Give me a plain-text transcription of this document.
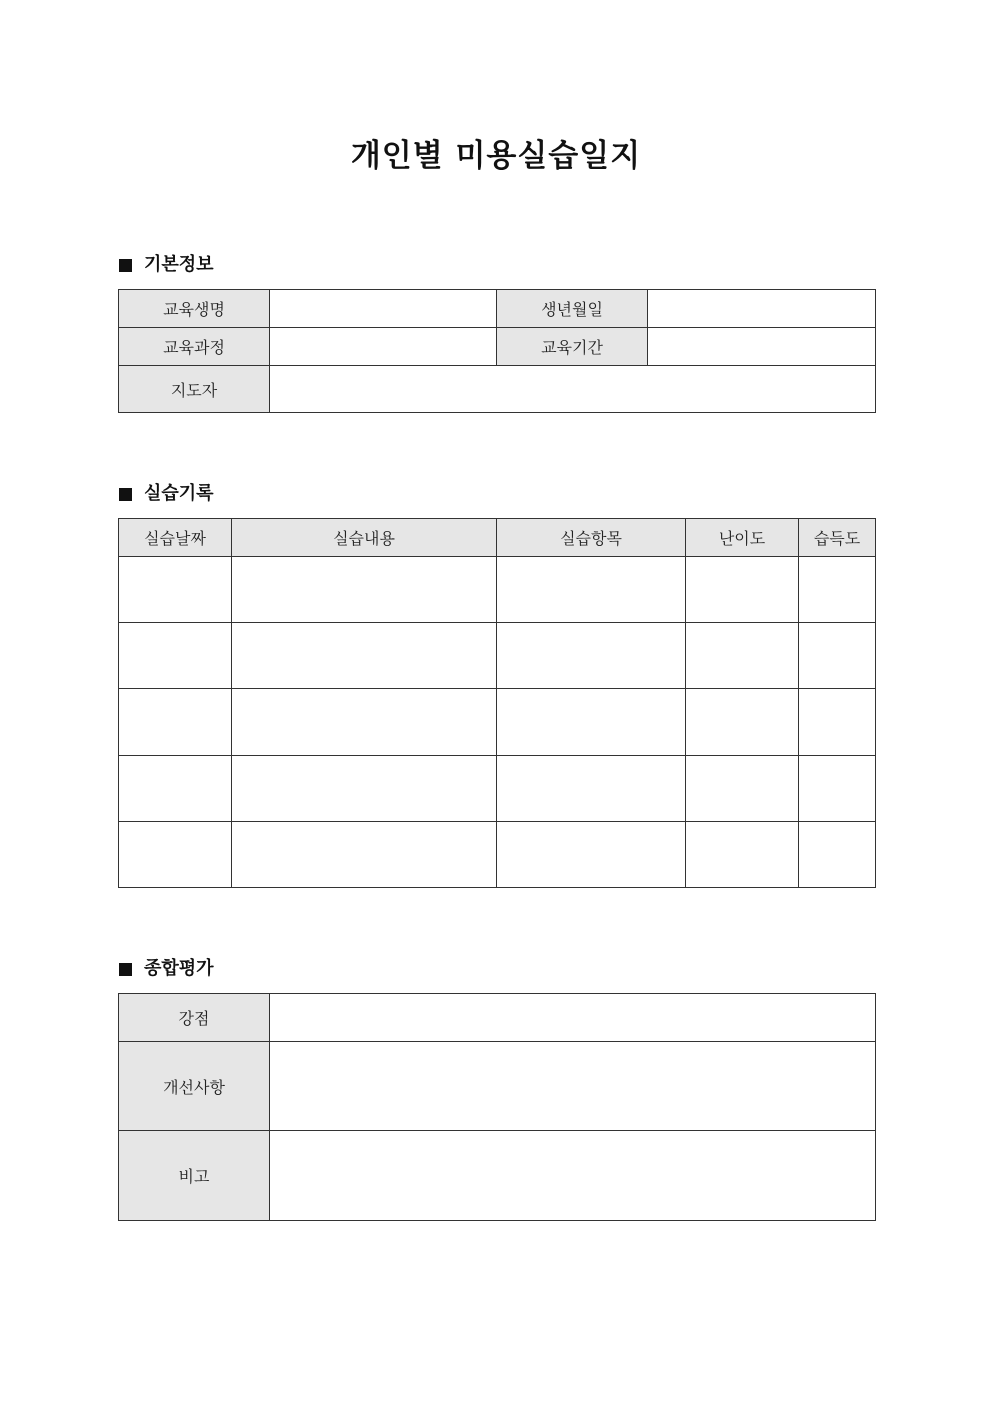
개인별 미용실습일지
기본정보
교육생명		생년월일	
교육과정		교육기간	
지도자			
실습기록
실습날짜	실습내용	실습항목	난이도	습득도

종합평가
강점	
개선사항	
비고	
